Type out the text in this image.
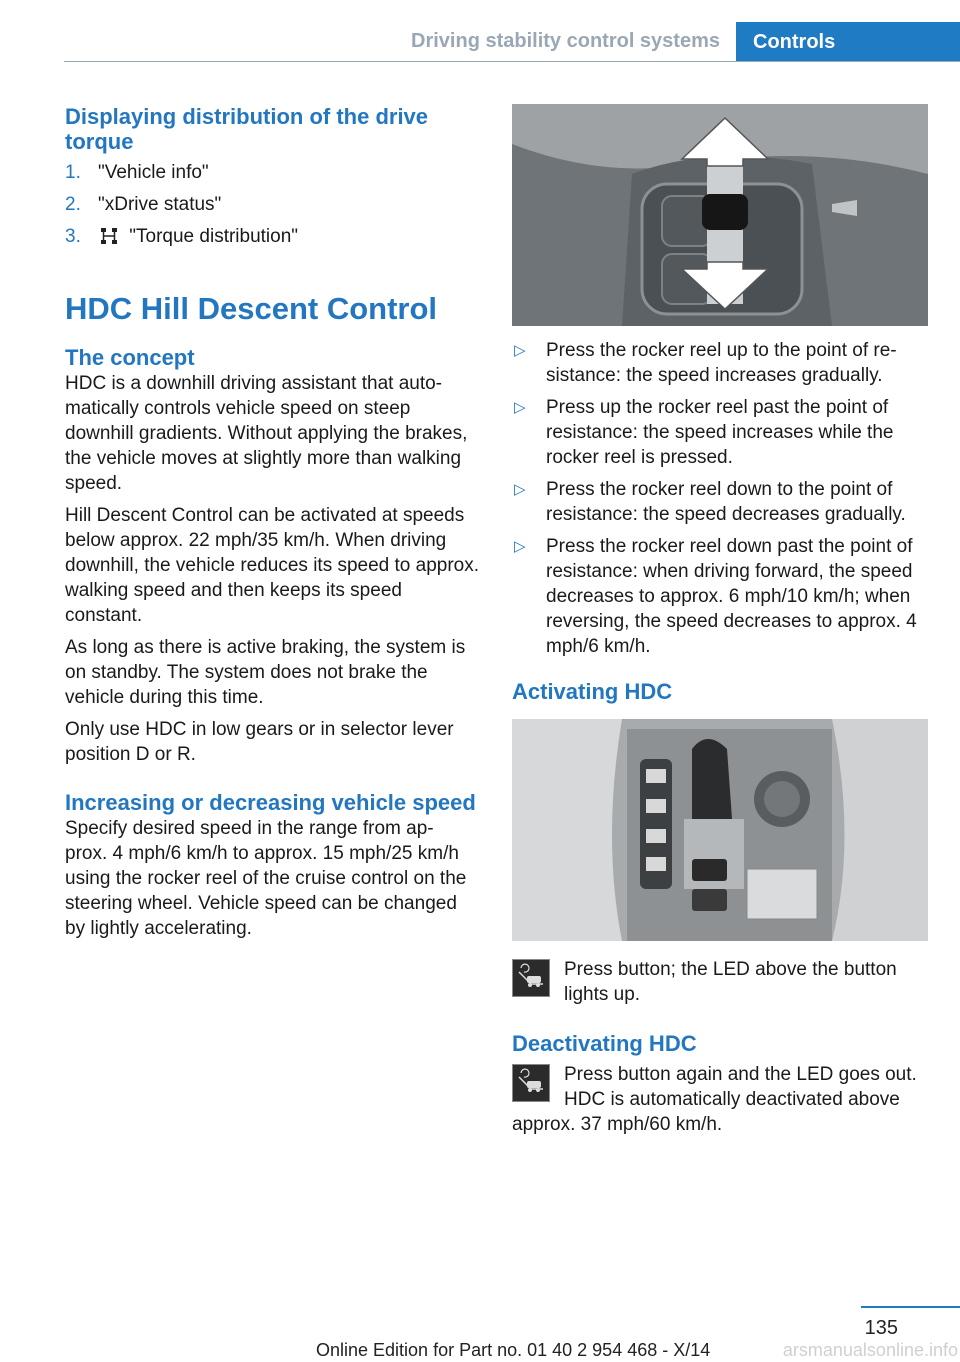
Driving stability control systems	Controls
Displaying distribution of the drive torque
1. "Vehicle info"
2. "xDrive status"
3.	"Torque distribution"
HDC Hill Descent Control
The concept

HDC is a downhill driving assistant that auto‐ matically controls vehicle speed on steep downhill gradients. Without applying the brakes, the vehicle moves at slightly more than walking speed.

Hill Descent Control can be activated at speeds below approx. 22 mph/35 km/h. When driving downhill, the vehicle reduces its speed to approx. walking speed and then keeps its speed constant.

As long as there is active braking, the system is on standby. The system does not brake the vehicle during this time.

Only use HDC in low gears or in selector lever position D or R.

Increasing or decreasing vehicle speed

Specify desired speed in the range from ap‐ prox. 4 mph/6 km/h to approx. 15 mph/25 km/h using the rocker reel of the cruise control on the steering wheel. Vehicle speed can be changed by lightly accelerating.

▷ Press the rocker reel up to the point of re‐ sistance: the speed increases gradually.
▷ Press up the rocker reel past the point of resistance: the speed increases while the rocker reel is pressed.
▷ Press the rocker reel down to the point of resistance: the speed decreases gradually.
▷ Press the rocker reel down past the point of resistance: when driving forward, the speed decreases to approx. 6 mph/10 km/h; when reversing, the speed decreases to approx. 4 mph/6 km/h.
Activating HDC
Press button; the LED above the button lights up.
Deactivating HDC
Press button again and the LED goes out. HDC is automatically deactivated above approx. 37 mph/60 km/h.
135
Online Edition for Part no. 01 40 2 954 468 - X/14	arsmanualsonline.info
